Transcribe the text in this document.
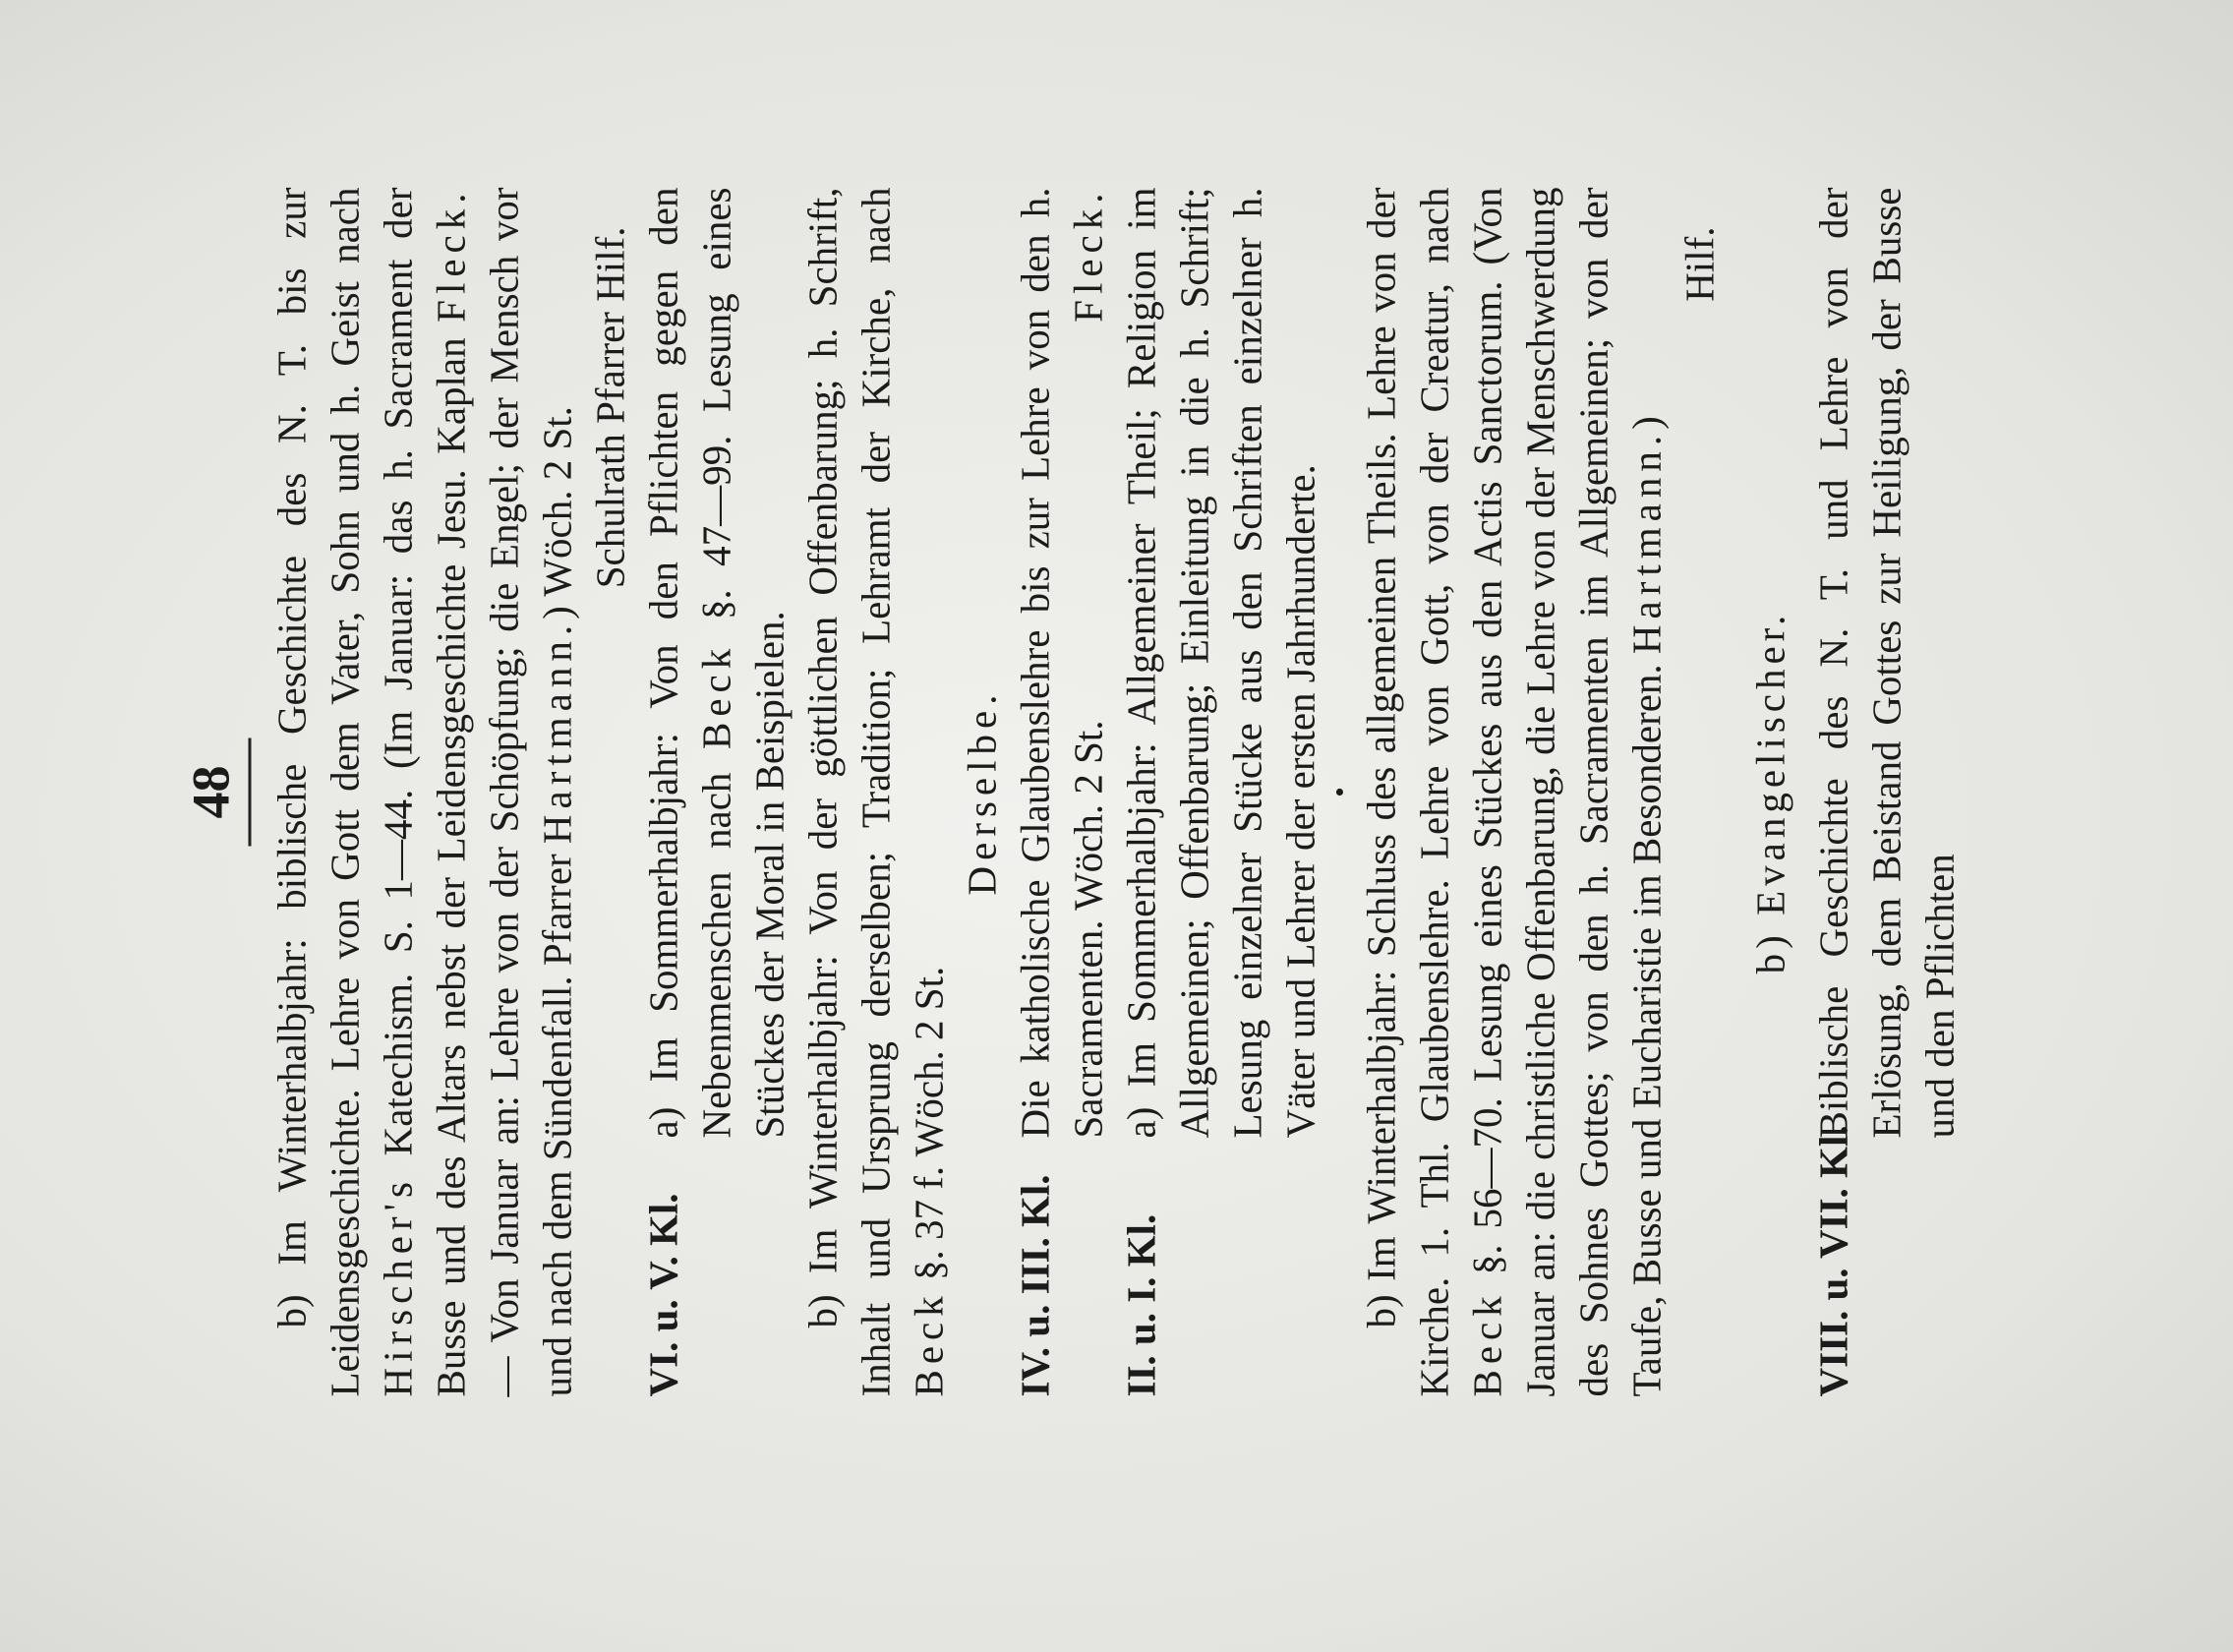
48 b) Im Winterhalbjahr: biblische Geschichte des N. T. bis zur Leidensgeschichte. Lehre von Gott dem Vater, Sohn und h. Geist nach Hirscher's Katechism. S. 1—44. (Im Januar: das h. Sacrament der Busse und des Altars nebst der Leidensgeschichte Jesu. Kaplan Fleck. — Von Januar an: Lehre von der Schöpfung; die Engel; der Mensch vor und nach dem Sündenfall. Pfarrer Hartmann.) Wöch. 2 St. Schulrath Pfarrer Hilf.

VI. u. V. Kl.

a) Im Sommerhalbjahr: Von den Pflichten gegen den Nebenmenschen nach Beck §. 47—99. Lesung eines Stückes der Moral in Beispielen. b) Im Winterhalbjahr: Von der göttlichen Offenbarung; h. Schrift, Inhalt und Ursprung derselben; Tradition; Lehramt der Kirche, nach Beck §. 37 f. Wöch. 2 St.

Derselbe.

IV. u. III. Kl.

Die katholische Glaubenslehre bis zur Lehre von den h. Sacramenten. Wöch. 2 St.
Fleck.

II. u. I. Kl.

a) Im Sommerhalbjahr: Allgemeiner Theil; Religion im Allgemeinen; Offenbarung; Einleitung in die h. Schrift; Lesung einzelner Stücke aus den Schriften einzelner h. Väter und Lehrer der ersten Jahrhunderte. • b) Im Winterhalbjahr: Schluss des allgemeinen Theils. Lehre von der Kirche. 1. Thl. Glaubenslehre. Lehre von Gott, von der Creatur, nach Beck §. 56—70. Lesung eines Stückes aus den Actis Sanctorum. (Von Januar an: die christliche Offenbarung, die Lehre von der Menschwerdung des Sohnes Gottes; von den h. Sacramenten im Allgemeinen; von der Taufe, Busse und Eucharistie im Besonderen. Hartmann.)

Hilf.

b) Evangelischer.

VIII. u. VII. Kl.

Biblische Geschichte des N. T. und Lehre von der Erlösung, dem Beistand Gottes zur Heiligung, der Busse und den Pflichten
